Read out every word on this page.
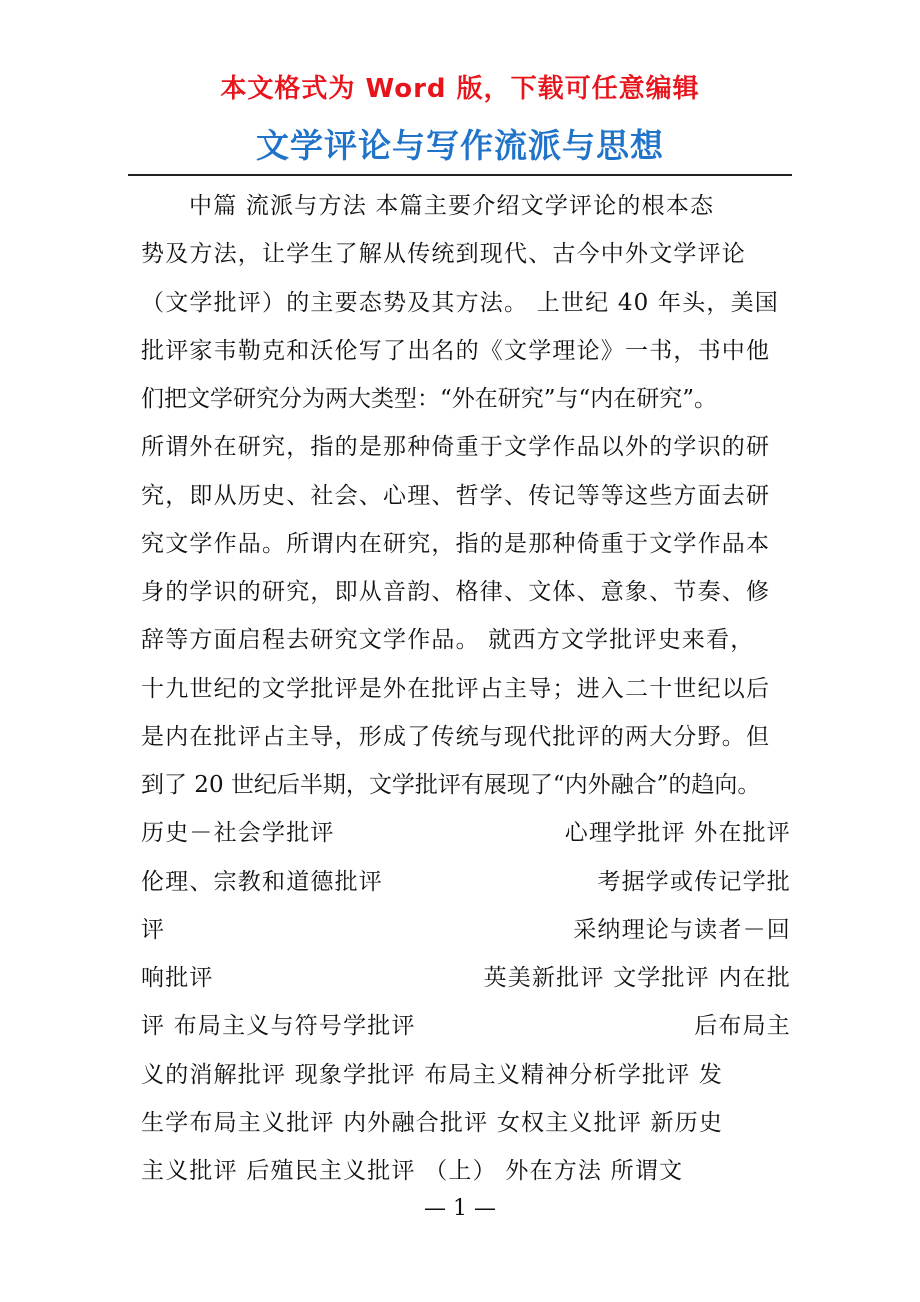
本文格式为 Word 版，下载可任意编辑
文学评论与写作流派与思想
中篇 流派与方法 本篇主要介绍文学评论的根本态
势及方法，让学生了解从传统到现代、古今中外文学评论
（文学批评）的主要态势及其方法。 上世纪 40 年头，美国
批评家韦勒克和沃伦写了出名的《文学理论》一书，书中他
们把文学研究分为两大类型：“外在研究”与“内在研究”。
所谓外在研究，指的是那种倚重于文学作品以外的学识的研
究，即从历史、社会、心理、哲学、传记等等这些方面去研
究文学作品。所谓内在研究，指的是那种倚重于文学作品本
身的学识的研究，即从音韵、格律、文体、意象、节奏、修
辞等方面启程去研究文学作品。 就西方文学批评史来看，
十九世纪的文学批评是外在批评占主导；进入二十世纪以后
是内在批评占主导，形成了传统与现代批评的两大分野。但
到了 20 世纪后半期，文学批评有展现了“内外融合”的趋向。
历史－社会学批评	心理学批评 外在批评
伦理、宗教和道德批评	考据学或传记学批
评	采纳理论与读者－回
响批评	英美新批评 文学批评 内在批
评 布局主义与符号学批评	后布局主
义的消解批评 现象学批评 布局主义精神分析学批评 发
生学布局主义批评 内外融合批评 女权主义批评 新历史
主义批评 后殖民主义批评 （上） 外在方法 所谓文
— 1 —
